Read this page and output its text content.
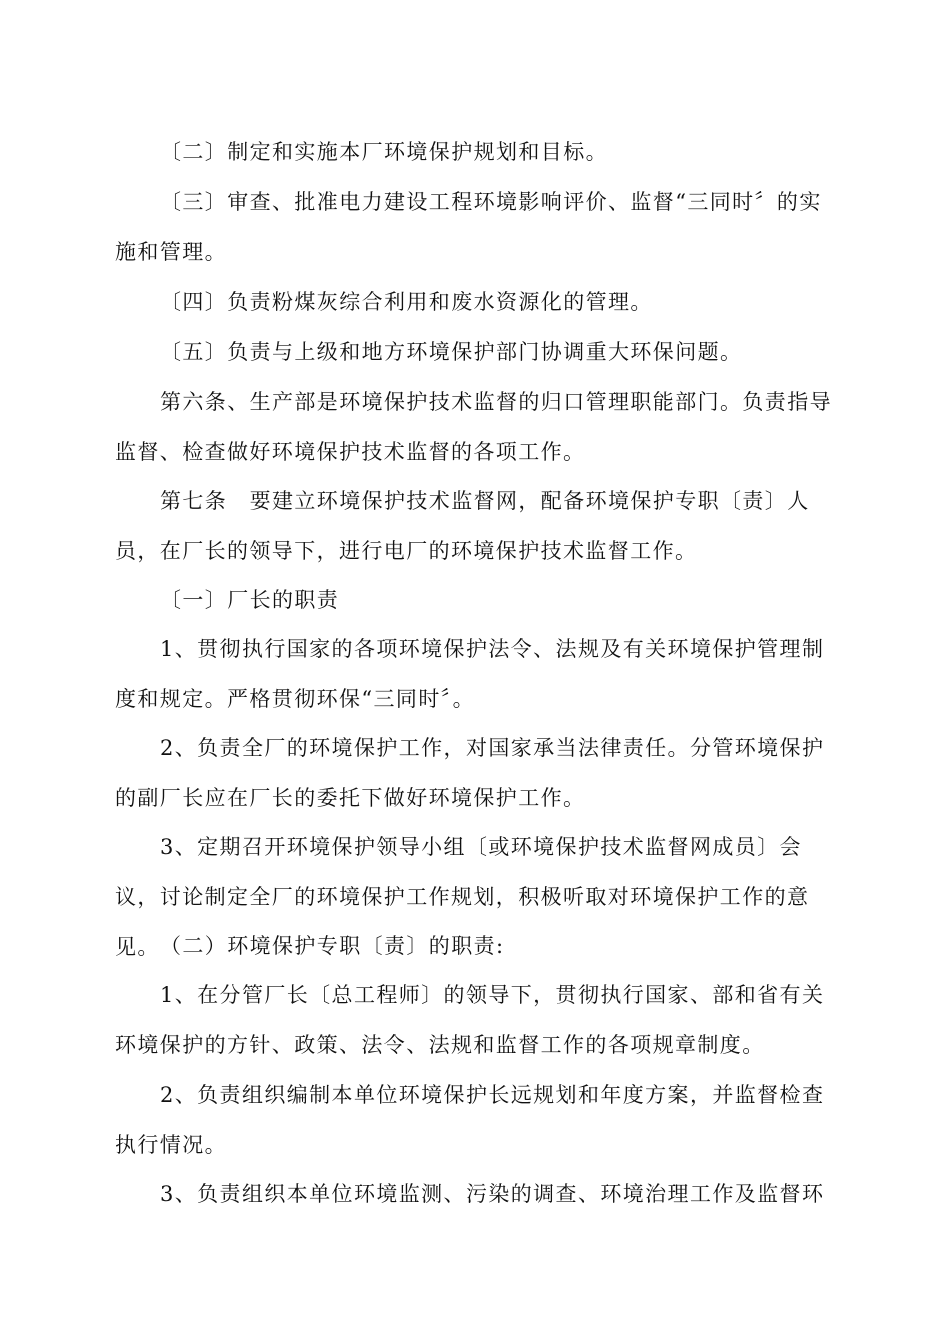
〔二〕制定和实施本厂环境保护规划和目标。

〔三〕审查、批准电力建设工程环境影响评价、监督“三同时〞的实施和管理。

〔四〕负责粉煤灰综合利用和废水资源化的管理。

〔五〕负责与上级和地方环境保护部门协调重大环保问题。

第六条、生产部是环境保护技术监督的归口管理职能部门。负责指导监督、检查做好环境保护技术监督的各项工作。

第七条　要建立环境保护技术监督网，配备环境保护专职〔责〕人员，在厂长的领导下，进行电厂的环境保护技术监督工作。

〔一〕厂长的职责

1、贯彻执行国家的各项环境保护法令、法规及有关环境保护管理制度和规定。严格贯彻环保“三同时〞。

2、负责全厂的环境保护工作，对国家承当法律责任。分管环境保护的副厂长应在厂长的委托下做好环境保护工作。

3、定期召开环境保护领导小组〔或环境保护技术监督网成员〕会议，讨论制定全厂的环境保护工作规划，积极听取对环境保护工作的意见。 （二）环境保护专职〔责〕的职责:

1、在分管厂长〔总工程师〕的领导下，贯彻执行国家、部和省有关环境保护的方针、政策、法令、法规和监督工作的各项规章制度。

2、负责组织编制本单位环境保护长远规划和年度方案，并监督检查执行情况。

3、负责组织本单位环境监测、污染的调查、环境治理工作及监督环
